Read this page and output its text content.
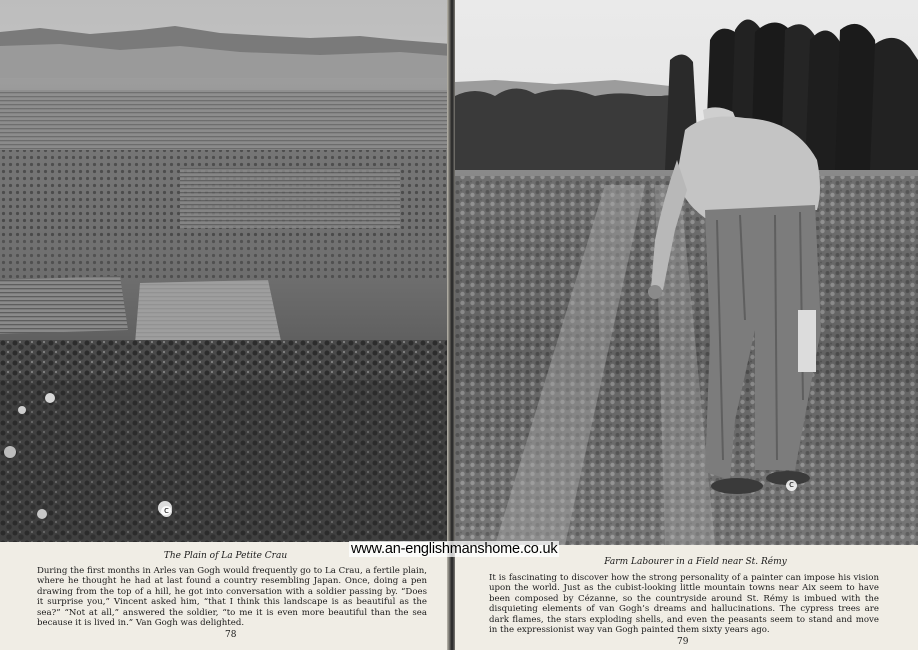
c
The Plain of La Petite Crau
During the first months in Arles van Gogh would frequently go to La Crau, a fertile plain, where he thought he had at last found a country resembling Japan. Once, doing a pen drawing from the top of a hill, he got into conversation with a soldier passing by. “Does it surprise you,” Vincent asked him, “that I think this landscape is as beautiful as the sea?” “Not at all,” answered the soldier, “to me it is even more beautiful than the sea because it is lived in.” Van Gogh was delighted.
78
c
Farm Labourer in a Field near St. Rémy
It is fascinating to discover how the strong personality of a painter can impose his vision upon the world. Just as the cubist-looking little mountain towns near Aix seem to have been composed by Cézanne, so the countryside around St. Rémy is imbued with the disquieting elements of van Gogh’s dreams and hallucinations. The cypress trees are dark flames, the stars exploding shells, and even the peasants seem to stand and move in the expressionist way van Gogh painted them sixty years ago.
79
www.an-englishmanshome.co.uk
